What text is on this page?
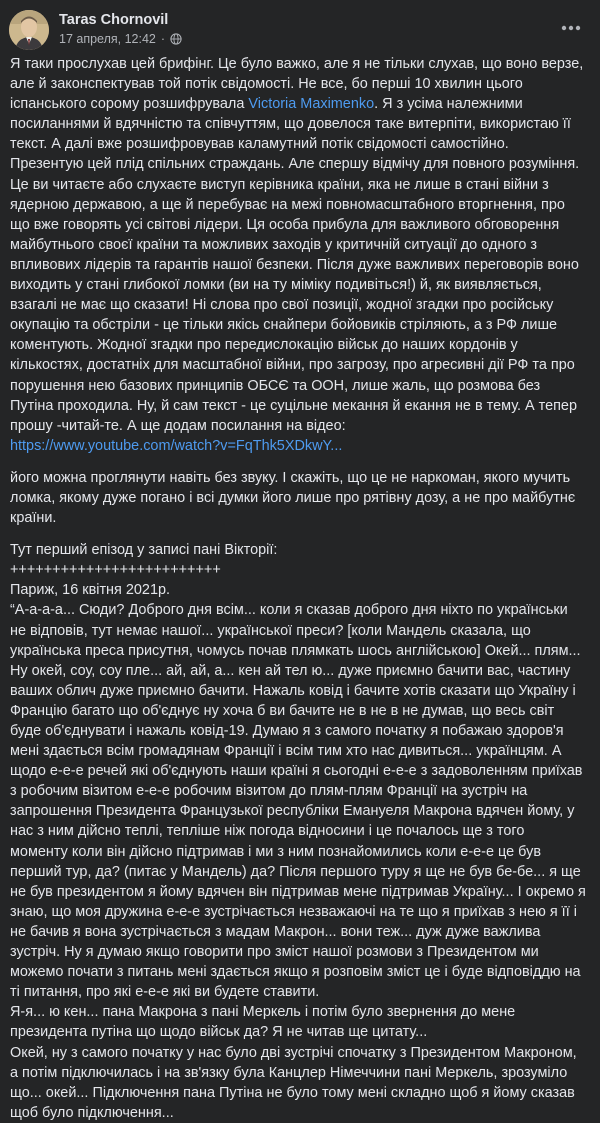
Taras Chornovil
17 апреля, 12:42 ·

Я таки прослухав цей брифінг. Це було важко, але я не тільки слухав, що воно верзе, але й законспектував той потік свідомості. Не все, бо перші 10 хвилин цього іспанського сорому розшифрувала Victoria Maximenko. Я з усіма належними посиланнями й вдячністю та співчуттям, що довелося таке витерпіти, використаю її текст. А далі вже розшифровував каламутний потік свідомості самостійно. Презентую цей плід спільних страждань. Але спершу відмічу для повного розуміння. Це ви читаєте або слухаєте виступ керівника країни, яка не лише в стані війни з ядерною державою, а ще й перебуває на межі повномасштабного вторгнення, про що вже говорять усі світові лідери. Ця особа прибула для важливого обговорення майбутнього своєї країни та можливих заходів у критичній ситуації до одного з впливових лідерів та гарантів нашої безпеки. Після дуже важливих переговорів воно виходить у стані глибокої ломки (ви на ту міміку подивіться!) й, як виявляється, взагалі не має що сказати! Ні слова про свої позиції, жодної згадки про російську окупацію та обстріли - це тільки якісь снайпери бойовиків стріляють, а з РФ лише коментують. Жодної згадки про передислокацію військ до наших кордонів у кількостях, достатніх для масштабної війни, про загрозу, про агресивні дії РФ та про порушення нею базових принципів ОБСЄ та ООН, лише жаль, що розмова без Путіна проходила. Ну, й сам текст - це суцільне мекання й екання не в тему. А тепер прошу -читай-те. А ще додам посилання на відео:

https://www.youtube.com/watch?v=FqThk5XDkwY...

його можна проглянути навіть без звуку. І скажіть, що це не наркоман, якого мучить ломка, якому дуже погано і всі думки його лише про рятівну дозу, а не про майбутнє країни.

Тут перший епізод у записі пані Вікторії:

+++++++++++++++++++++++++

Париж, 16 квітня 2021р.

“А-а-а-а... Сюди? Доброго дня всім... коли я сказав доброго дня ніхто по українськи не відповів, тут немає нашої... української преси? [коли Мандель сказала, що українська преса присутня, чомусь почав плямкать шось англійською] Окей... плям... Ну окей, соу, соу пле... ай, ай, а... кен ай тел ю... дуже приємно бачити вас, частину ваших облич дуже приємно бачити. Нажаль ковід і бачите хотів сказати що Україну і Францію багато що об'єднує ну хоча б ви бачите не в не в не думав, що весь світ буде об'єднувати і нажаль ковід-19. Думаю я з самого початку я побажаю здоров'я мені здається всім громадянам Франції і всім тим хто нас дивиться... українцям. А щодо е-е-е речей які об'єднують наши країні я сьогодні е-е-е з задоволенням приїхав з робочим візитом е-е-е робочим візитом до плям-плям Франції на зустріч на запрошення Президента Французької республіки Емануеля Макрона вдячен йому, у нас з ним дійсно теплі, тепліше ніж погода відносини і це почалось ще з того моменту коли він дійсно підтримав і ми з ним познайомились коли е-е-е це був перший тур, да? (питає у Мандель) да? Після першого туру я ще не був бе-бе... я ще не був президентом я йому вдячен він підтримав мене підтримав Україну... І окремо я знаю, що моя дружина е-е-е зустрічається незважаючі на те що я приїхав з нею я її і не бачив я вона зустрічається з мадам Макрон... вони теж... дуж дуже важлива зустріч. Ну я думаю якщо говорити про зміст нашої розмови з Президентом ми можемо почати з питань мені здається якщо я розповім зміст це і буде відповіддю на ті питання, про які е-е-е які ви будете ставити.

Я-я... ю кен... пана Макрона з пані Меркель і потім було звернення до мене президента путіна що щодо військ да? Я не читав ще цитату...

Окей, ну з самого початку у нас було дві зустрічі спочатку з Президентом Макроном, а потім підключилась і на зв'язку була Канцлер Німеччини пані Меркель, зрозуміло що... окей... Підключення пана Путіна не було тому мені складно щоб я йому сказав щоб було підключення...
